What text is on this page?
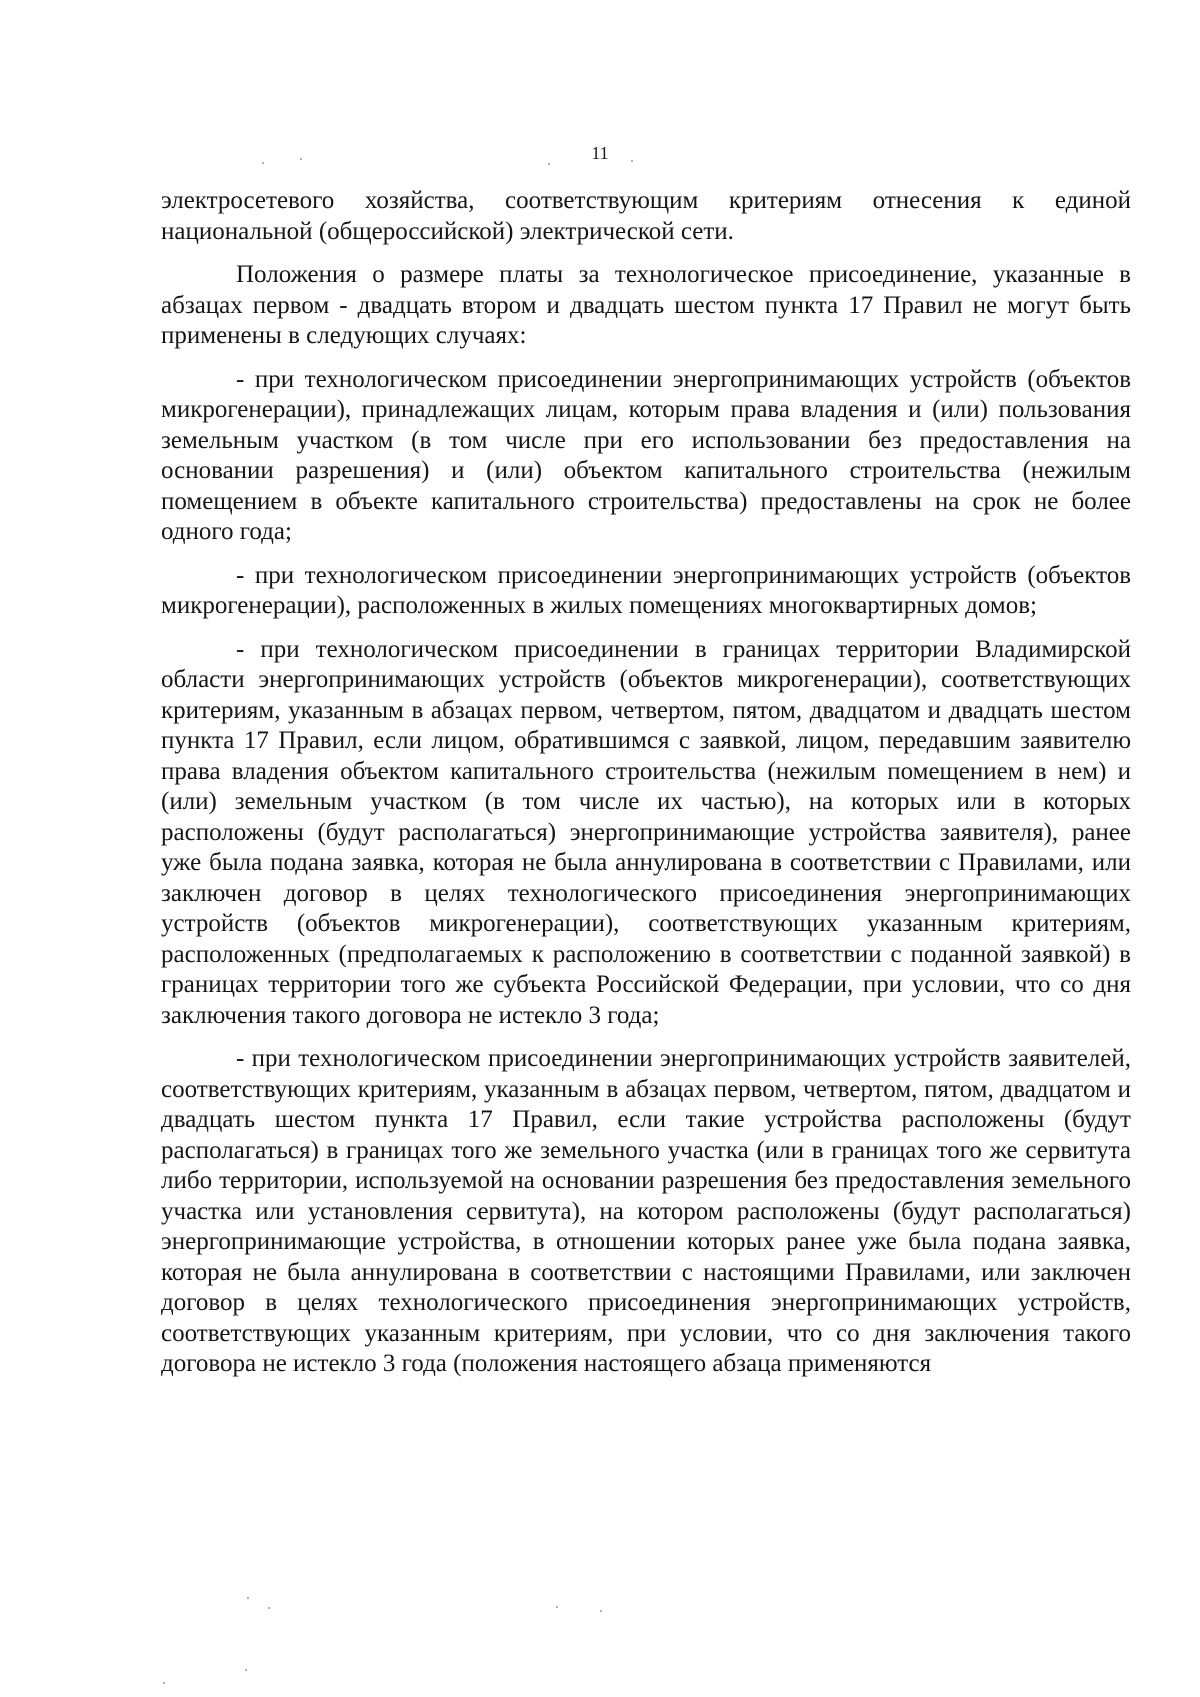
11

электросетевого хозяйства, соответствующим критериям отнесения к единой национальной (общероссийской) электрической сети.

Положения о размере платы за технологическое присоединение, указанные в абзацах первом - двадцать втором и двадцать шестом пункта 17 Правил не могут быть применены в следующих случаях:

- при технологическом присоединении энергопринимающих устройств (объектов микрогенерации), принадлежащих лицам, которым права владения и (или) пользования земельным участком (в том числе при его использовании без предоставления на основании разрешения) и (или) объектом капитального строительства (нежилым помещением в объекте капитального строительства) предоставлены на срок не более одного года;

- при технологическом присоединении энергопринимающих устройств (объектов микрогенерации), расположенных в жилых помещениях многоквартирных домов;

- при технологическом присоединении в границах территории Владимирской области энергопринимающих устройств (объектов микрогенерации), соответствующих критериям, указанным в абзацах первом, четвертом, пятом, двадцатом и двадцать шестом пункта 17 Правил, если лицом, обратившимся с заявкой, лицом, передавшим заявителю права владения объектом капитального строительства (нежилым помещением в нем) и (или) земельным участком (в том числе их частью), на которых или в которых расположены (будут располагаться) энергопринимающие устройства заявителя), ранее уже была подана заявка, которая не была аннулирована в соответствии с Правилами, или заключен договор в целях технологического присоединения энергопринимающих устройств (объектов микрогенерации), соответствующих указанным критериям, расположенных (предполагаемых к расположению в соответствии с поданной заявкой) в границах территории того же субъекта Российской Федерации, при условии, что со дня заключения такого договора не истекло 3 года;

- при технологическом присоединении энергопринимающих устройств заявителей, соответствующих критериям, указанным в абзацах первом, четвертом, пятом, двадцатом и двадцать шестом пункта 17 Правил, если такие устройства расположены (будут располагаться) в границах того же земельного участка (или в границах того же сервитута либо территории, используемой на основании разрешения без предоставления земельного участка или установления сервитута), на котором расположены (будут располагаться) энергопринимающие устройства, в отношении которых ранее уже была подана заявка, которая не была аннулирована в соответствии с настоящими Правилами, или заключен договор в целях технологического присоединения энергопринимающих устройств, соответствующих указанным критериям, при условии, что со дня заключения такого договора не истекло 3 года (положения настоящего абзаца применяются
